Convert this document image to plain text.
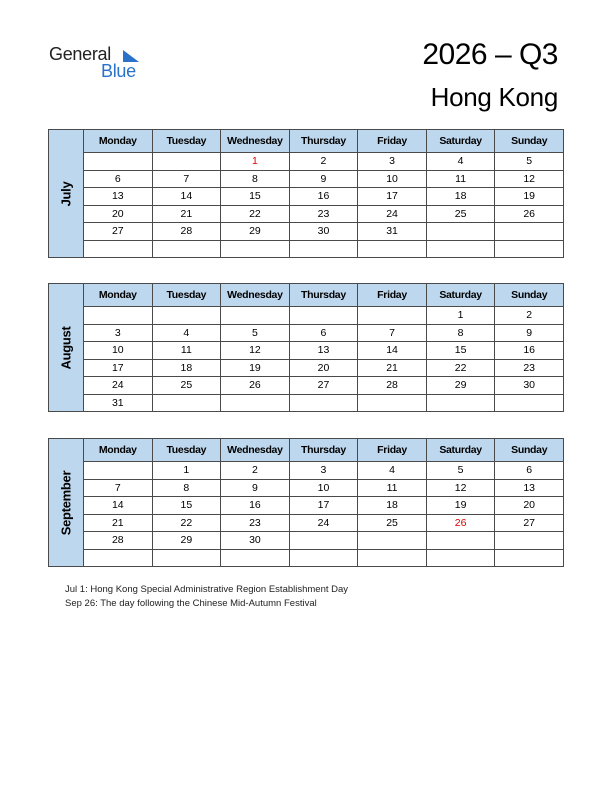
General
Blue	2026 – Q3
Hong Kong
July	Monday	Tuesday	Wednesday	Thursday	Friday	Saturday	Sunday
			1	2	3	4	5
	6	7	8	9	10	11	12
	13	14	15	16	17	18	19
	20	21	22	23	24	25	26
	27	28	29	30	31		

August	Monday	Tuesday	Wednesday	Thursday	Friday	Saturday	Sunday
						1	2
	3	4	5	6	7	8	9
	10	11	12	13	14	15	16
	17	18	19	20	21	22	23
	24	25	26	27	28	29	30
	31						
September	Monday	Tuesday	Wednesday	Thursday	Friday	Saturday	Sunday
		1	2	3	4	5	6
	7	8	9	10	11	12	13
	14	15	16	17	18	19	20
	21	22	23	24	25	26	27
	28	29	30				

Jul 1: Hong Kong Special Administrative Region Establishment Day
Sep 26: The day following the Chinese Mid-Autumn Festival
